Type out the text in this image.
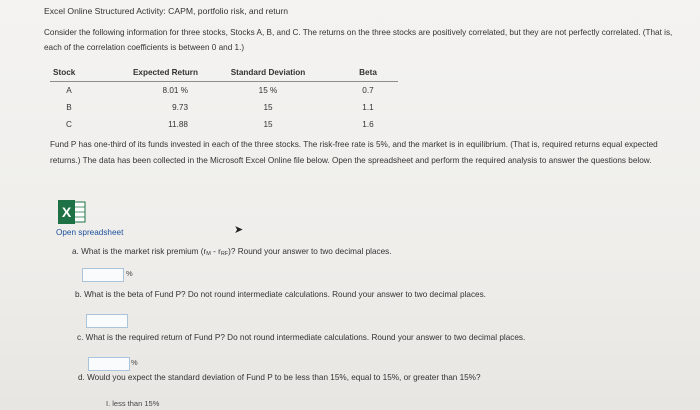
Excel Online Structured Activity: CAPM, portfolio risk, and return
Consider the following information for three stocks, Stocks A, B, and C. The returns on the three stocks are positively correlated, but they are not perfectly correlated. (That is, each of the correlation coefficients is between 0 and 1.)
Stock	Expected Return	Standard Deviation	Beta
A	8.01 %	15 %	0.7
B	9.73	15	1.1
C	11.88	15	1.6
Fund P has one-third of its funds invested in each of the three stocks. The risk-free rate is 5%, and the market is in equilibrium. (That is, required returns equal expected returns.) The data has been collected in the Microsoft Excel Online file below. Open the spreadsheet and perform the required analysis to answer the questions below.
X
Open spreadsheet	➤
a. What is the market risk premium (rM - rRF)? Round your answer to two decimal places.
%
b. What is the beta of Fund P? Do not round intermediate calculations. Round your answer to two decimal places.
c. What is the required return of Fund P? Do not round intermediate calculations. Round your answer to two decimal places.
%
d. Would you expect the standard deviation of Fund P to be less than 15%, equal to 15%, or greater than 15%?
I. less than 15%
